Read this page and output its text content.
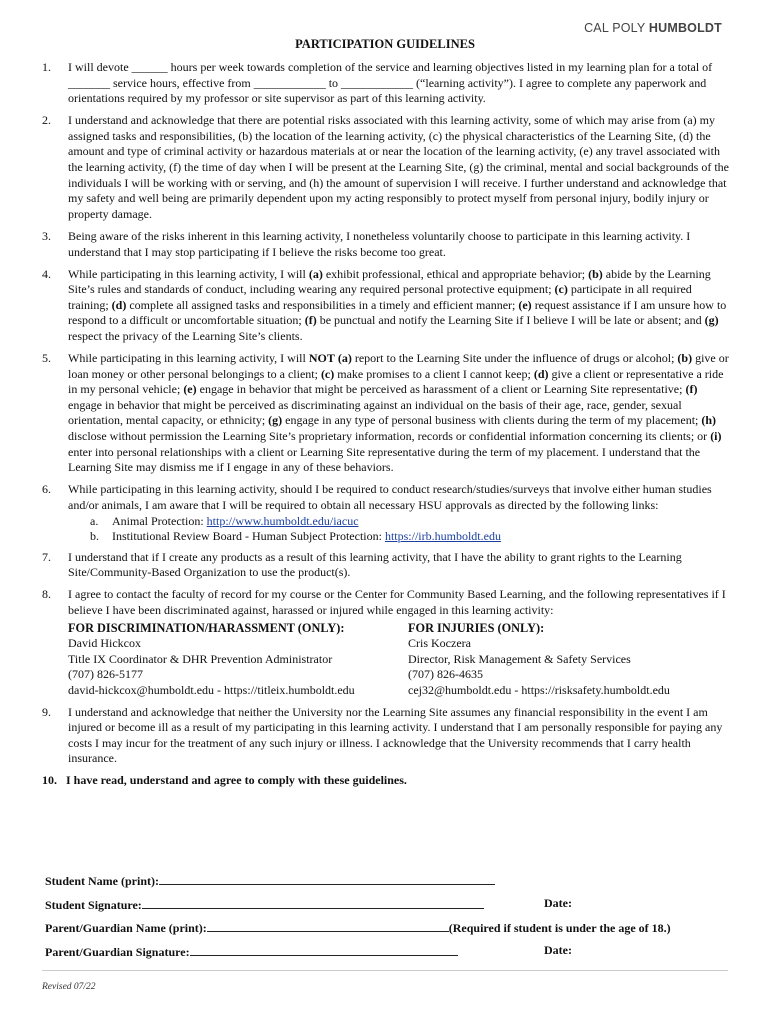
CAL POLY HUMBOLDT
PARTICIPATION GUIDELINES
1. I will devote ______ hours per week towards completion of the service and learning objectives listed in my learning plan for a total of _______ service hours, effective from ____________ to ____________ (“learning activity”). I agree to complete any paperwork and orientations required by my professor or site supervisor as part of this learning activity.
2. I understand and acknowledge that there are potential risks associated with this learning activity, some of which may arise from (a) my assigned tasks and responsibilities, (b) the location of the learning activity, (c) the physical characteristics of the Learning Site, (d) the amount and type of criminal activity or hazardous materials at or near the location of the learning activity, (e) any travel associated with the learning activity, (f) the time of day when I will be present at the Learning Site, (g) the criminal, mental and social backgrounds of the individuals I will be working with or serving, and (h) the amount of supervision I will receive. I further understand and acknowledge that my safety and well being are primarily dependent upon my acting responsibly to protect myself from personal injury, bodily injury or property damage.
3. Being aware of the risks inherent in this learning activity, I nonetheless voluntarily choose to participate in this learning activity. I understand that I may stop participating if I believe the risks become too great.
4. While participating in this learning activity, I will (a) exhibit professional, ethical and appropriate behavior; (b) abide by the Learning Site’s rules and standards of conduct, including wearing any required personal protective equipment; (c) participate in all required training; (d) complete all assigned tasks and responsibilities in a timely and efficient manner; (e) request assistance if I am unsure how to respond to a difficult or uncomfortable situation; (f) be punctual and notify the Learning Site if I believe I will be late or absent; and (g) respect the privacy of the Learning Site’s clients.
5. While participating in this learning activity, I will NOT (a) report to the Learning Site under the influence of drugs or alcohol; (b) give or loan money or other personal belongings to a client; (c) make promises to a client I cannot keep; (d) give a client or representative a ride in my personal vehicle; (e) engage in behavior that might be perceived as harassment of a client or Learning Site representative; (f) engage in behavior that might be perceived as discriminating against an individual on the basis of their age, race, gender, sexual orientation, mental capacity, or ethnicity; (g) engage in any type of personal business with clients during the term of my placement; (h) disclose without permission the Learning Site’s proprietary information, records or confidential information concerning its clients; or (i) enter into personal relationships with a client or Learning Site representative during the term of my placement. I understand that the Learning Site may dismiss me if I engage in any of these behaviors.
6. While participating in this learning activity, should I be required to conduct research/studies/surveys that involve either human studies and/or animals, I am aware that I will be required to obtain all necessary HSU approvals as directed by the following links:
a. Animal Protection: http://www.humboldt.edu/iacuc
b. Institutional Review Board - Human Subject Protection: https://irb.humboldt.edu
7. I understand that if I create any products as a result of this learning activity, that I have the ability to grant rights to the Learning Site/Community-Based Organization to use the product(s).
8. I agree to contact the faculty of record for my course or the Center for Community Based Learning, and the following representatives if I believe I have been discriminated against, harassed or injured while engaged in this learning activity:
FOR DISCRIMINATION/HARASSMENT (ONLY):
David Hickcox
Title IX Coordinator & DHR Prevention Administrator
(707) 826-5177
david-hickcox@humboldt.edu - https://titleix.humboldt.edu
FOR INJURIES (ONLY):
Cris Koczera
Director, Risk Management & Safety Services
(707) 826-4635
cej32@humboldt.edu - https://risksafety.humboldt.edu
9. I understand and acknowledge that neither the University nor the Learning Site assumes any financial responsibility in the event I am injured or become ill as a result of my participating in this learning activity. I understand that I am personally responsible for paying any costs I may incur for the treatment of any such injury or illness. I acknowledge that the University recommends that I carry health insurance.
10. I have read, understand and agree to comply with these guidelines.
Student Name (print):
Student Signature:	Date:
Parent/Guardian Name (print):	(Required if student is under the age of 18.)
Parent/Guardian Signature:	Date:
Revised 07/22
